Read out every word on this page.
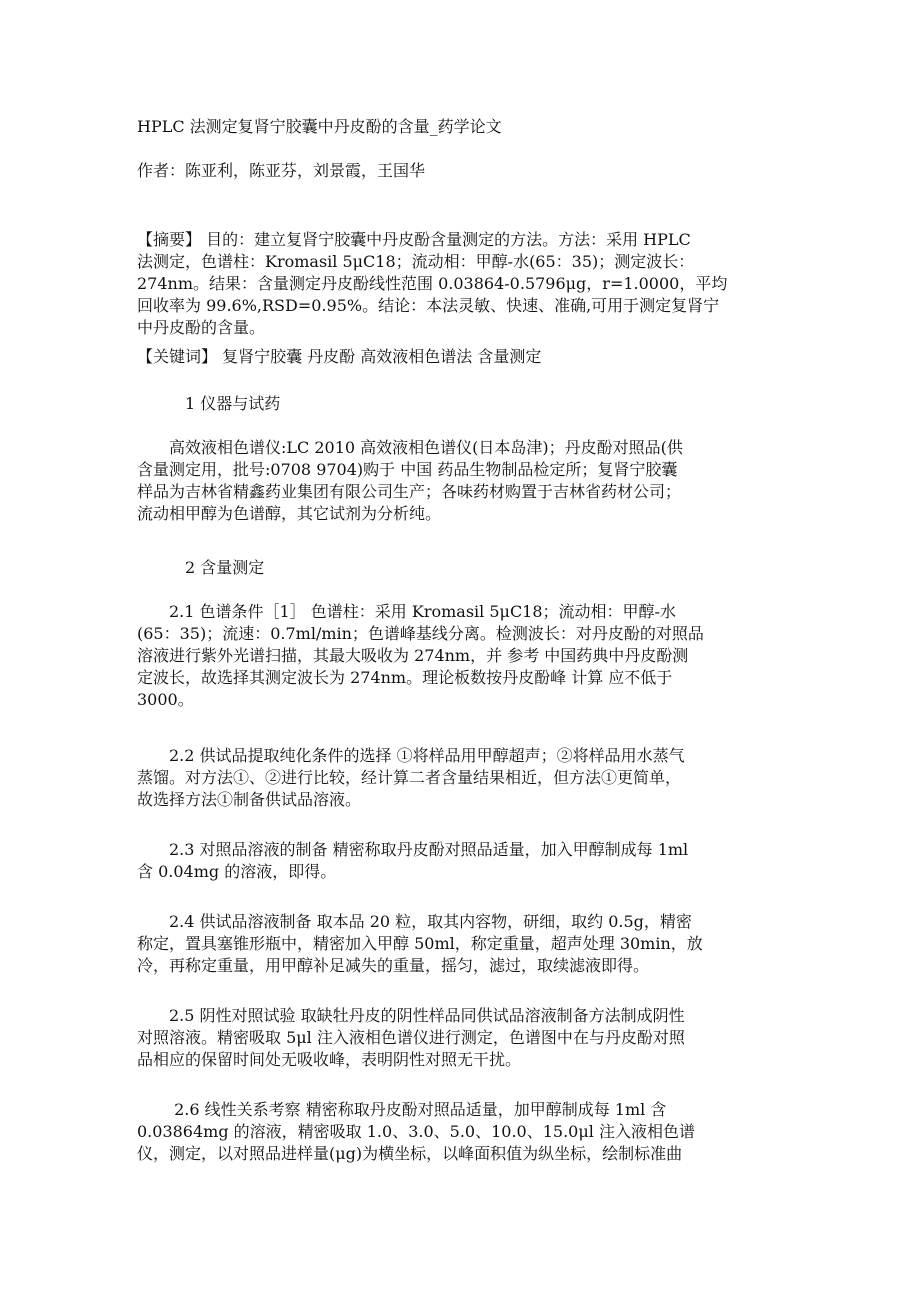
HPLC 法测定复肾宁胶囊中丹皮酚的含量_药学论文
作者：陈亚利，陈亚芬，刘景霞，王国华
【摘要】 目的：建立复肾宁胶囊中丹皮酚含量测定的方法。方法：采用 HPLC
法测定，色谱柱：Kromasil 5μC18；流动相：甲醇-水(65：35)；测定波长：
274nm。结果：含量测定丹皮酚线性范围 0.03864-0.5796μg，r=1.0000，平均
回收率为 99.6%,RSD=0.95%。结论：本法灵敏、快速、准确,可用于测定复肾宁
中丹皮酚的含量。
【关键词】 复肾宁胶囊 丹皮酚 高效液相色谱法 含量测定
1 仪器与试药
　　高效液相色谱仪:LC 2010 高效液相色谱仪(日本岛津)；丹皮酚对照品(供
含量测定用，批号:0708 9704)购于 中国 药品生物制品检定所；复肾宁胶囊
样品为吉林省精鑫药业集团有限公司生产；各味药材购置于吉林省药材公司；
流动相甲醇为色谱醇，其它试剂为分析纯。
2 含量测定
　　2.1 色谱条件［1］ 色谱柱：采用 Kromasil 5μC18；流动相：甲醇-水
(65：35)；流速：0.7ml/min；色谱峰基线分离。检测波长：对丹皮酚的对照品
溶液进行紫外光谱扫描，其最大吸收为 274nm，并 参考 中国药典中丹皮酚测
定波长，故选择其测定波长为 274nm。理论板数按丹皮酚峰 计算 应不低于
3000。
　　2.2 供试品提取纯化条件的选择 ①将样品用甲醇超声；②将样品用水蒸气
蒸馏。对方法①、②进行比较，经计算二者含量结果相近，但方法①更简单，
故选择方法①制备供试品溶液。
　　2.3 对照品溶液的制备 精密称取丹皮酚对照品适量，加入甲醇制成每 1ml
含 0.04mg 的溶液，即得。
　　2.4 供试品溶液制备 取本品 20 粒，取其内容物，研细，取约 0.5g，精密
称定，置具塞锥形瓶中，精密加入甲醇 50ml，称定重量，超声处理 30min，放
冷，再称定重量，用甲醇补足减失的重量，摇匀，滤过，取续滤液即得。
　　2.5 阴性对照试验 取缺牡丹皮的阴性样品同供试品溶液制备方法制成阴性
对照溶液。精密吸取 5μl 注入液相色谱仪进行测定，色谱图中在与丹皮酚对照
品相应的保留时间处无吸收峰，表明阴性对照无干扰。
　　 2.6 线性关系考察 精密称取丹皮酚对照品适量，加甲醇制成每 1ml 含
0.03864mg 的溶液，精密吸取 1.0、3.0、5.0、10.0、15.0μl 注入液相色谱
仪，测定，以对照品进样量(μg)为横坐标，以峰面积值为纵坐标，绘制标准曲
